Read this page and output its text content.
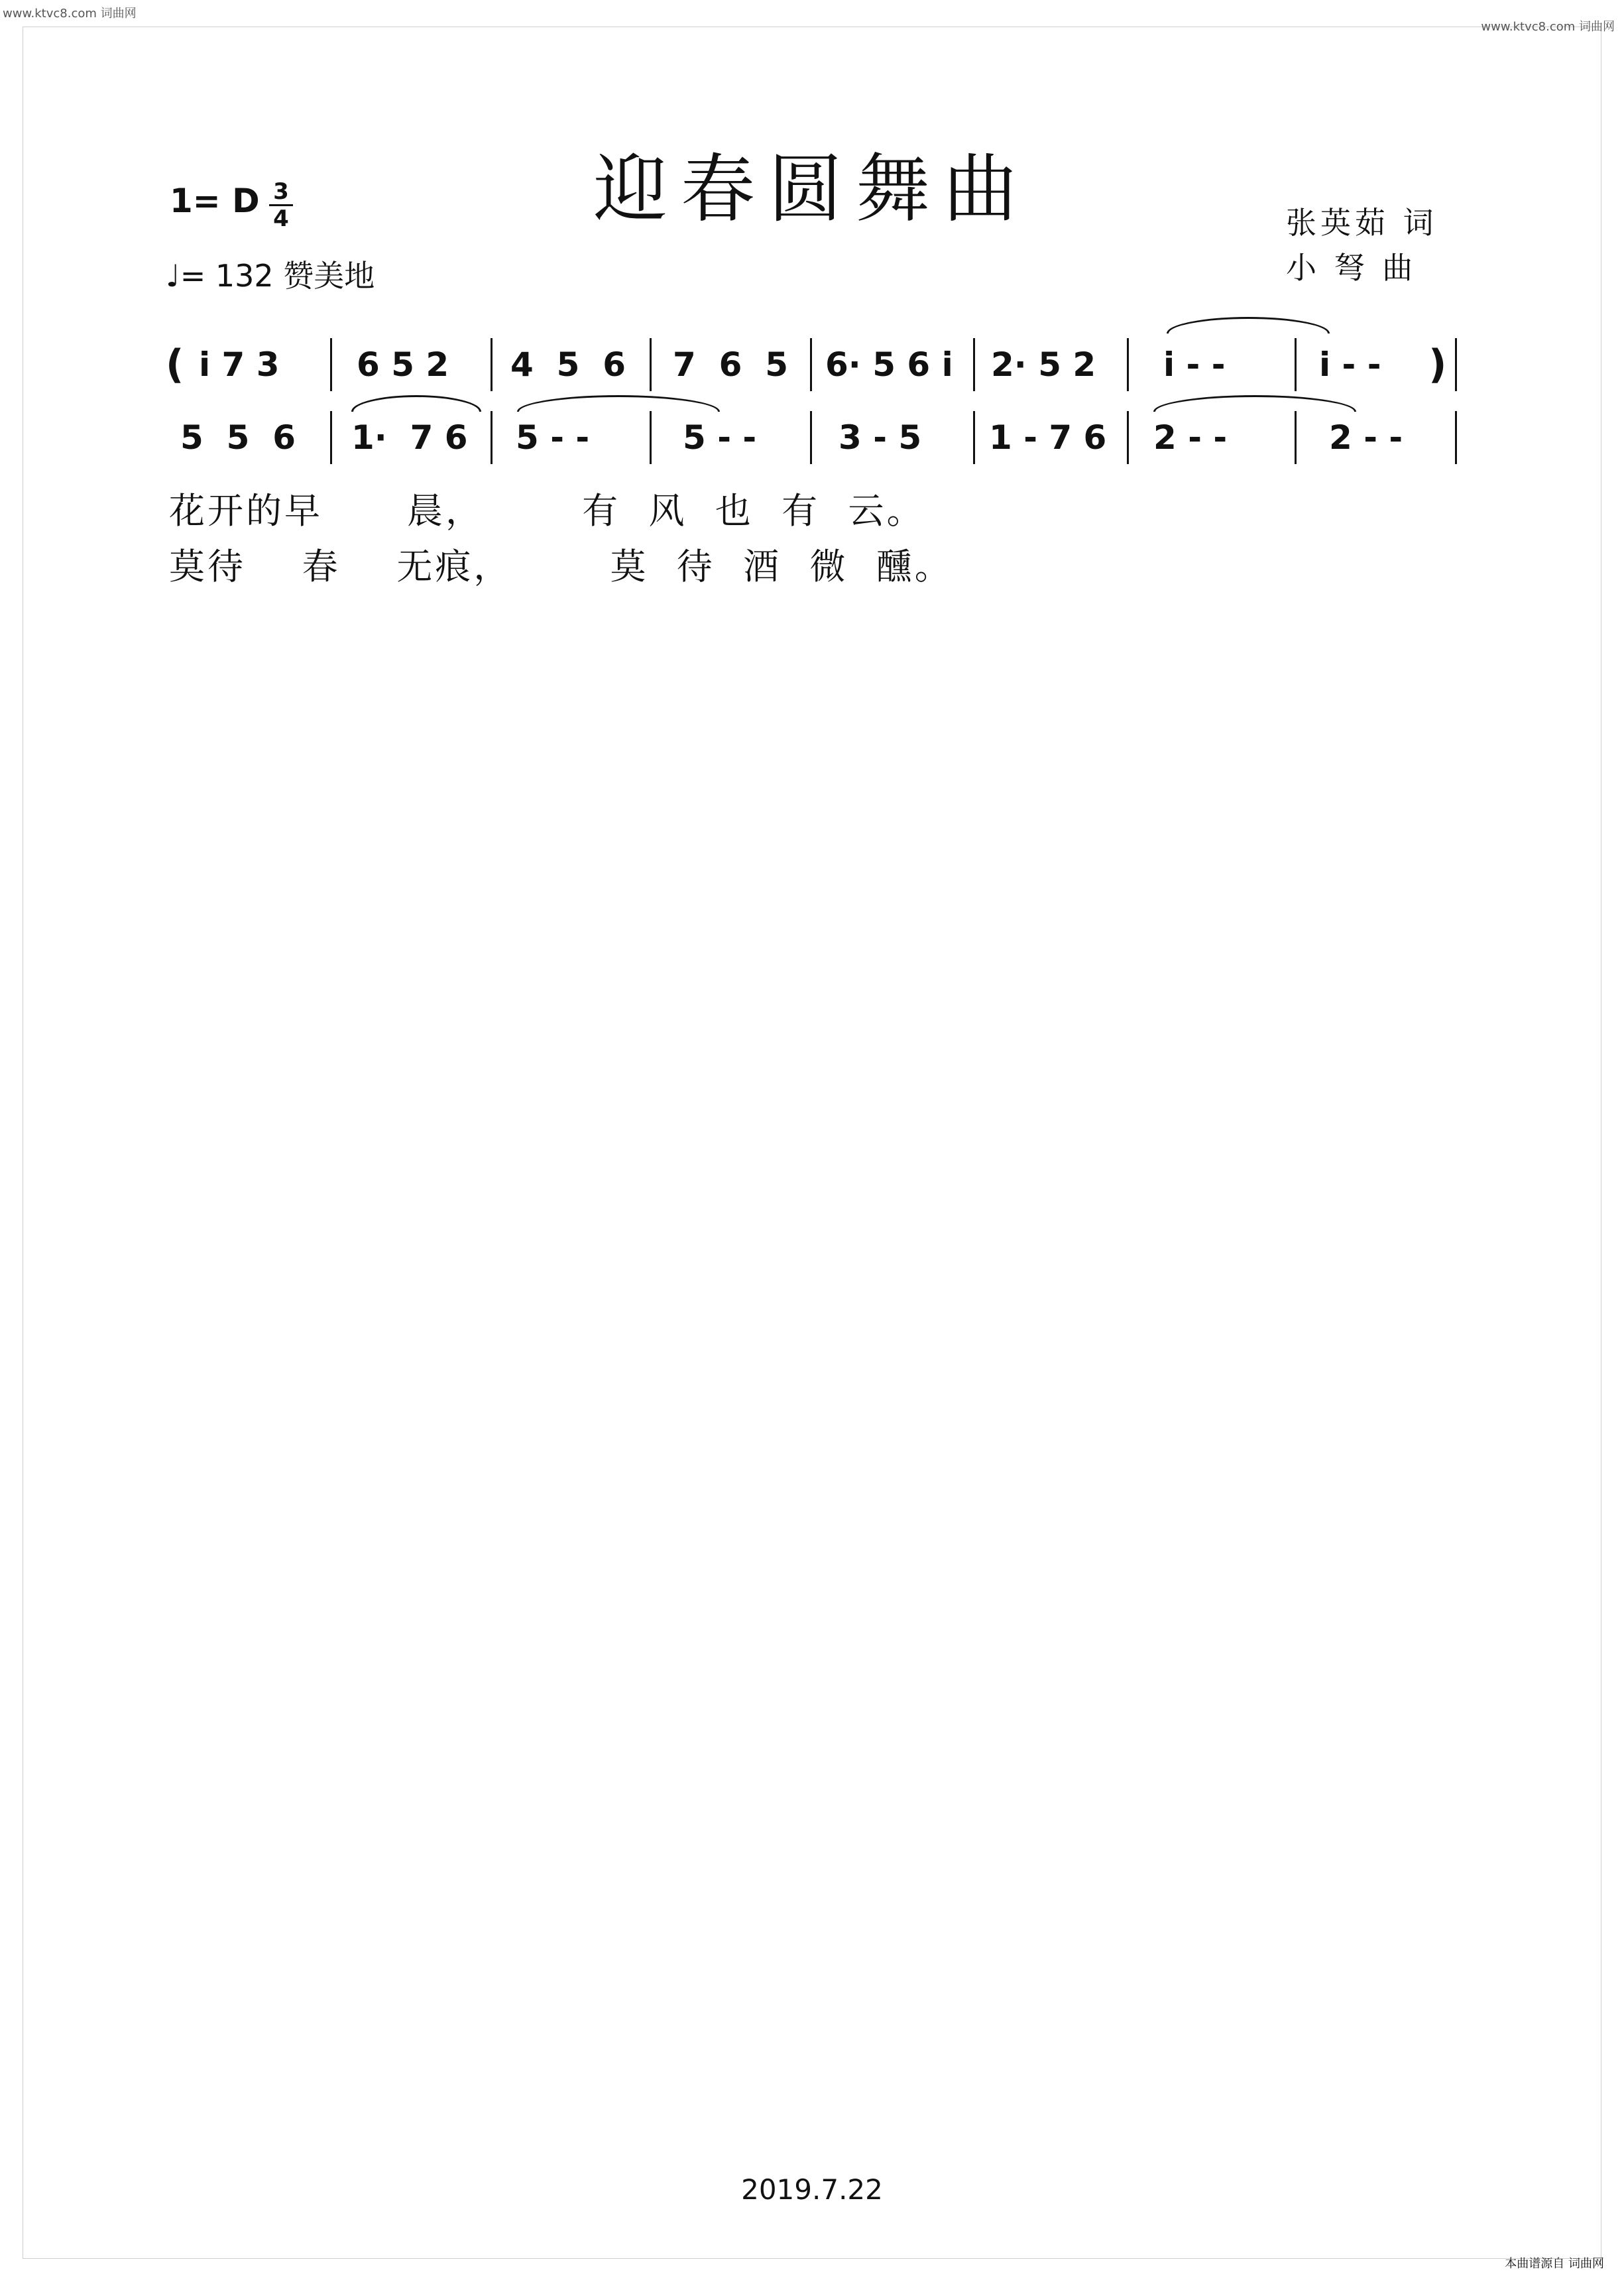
www.ktvc8.com 词曲网
www.ktvc8.com 词曲网
迎春圆舞曲
1= D 3
4
♩= 132 赞美地
张英茹 词
小 弩 曲
( i 7 3 6 5 2 4  5  6 7  6  5 6· 5 6 i 2· 5 2 i - -	i - - )
5  5  6 1·  7 6 5 - -	5 - - 3 - 5 1 - 7 6 2 - -	2 - -
花开的早      晨，       有  风  也  有  云。
莫待    春    无痕，       莫  待  酒  微  醺。
2019.7.22
本曲谱源自 词曲网
